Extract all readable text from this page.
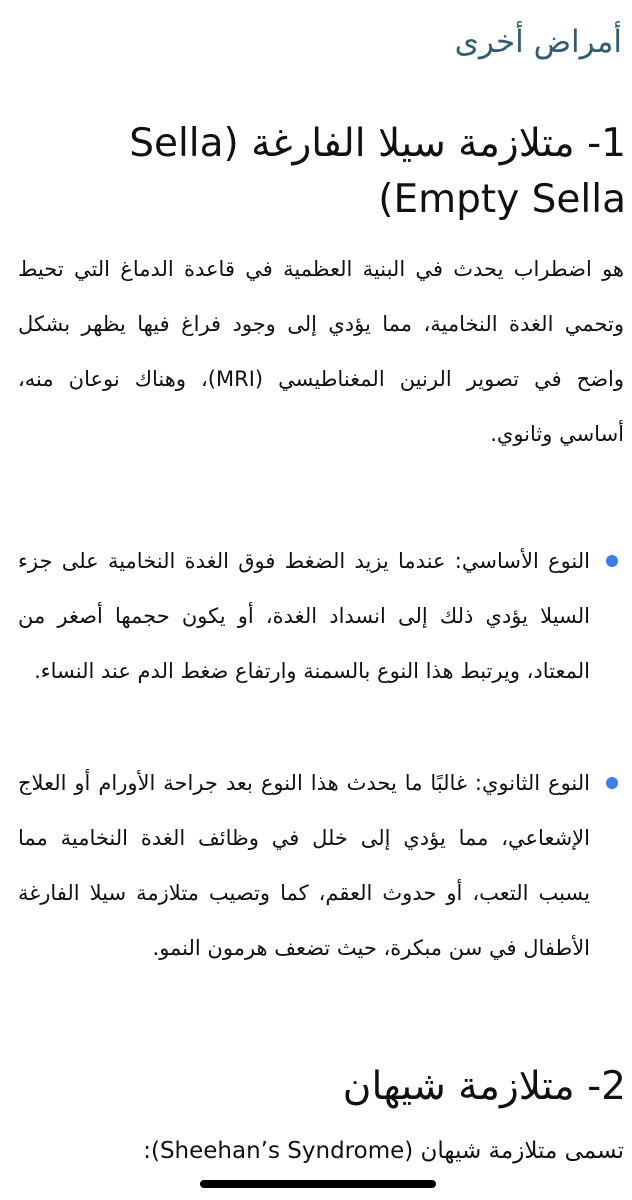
أمراض أخرى
1- متلازمة سيلا الفارغة (Sella Empty Sella)
هو اضطراب يحدث في البنية العظمية في قاعدة الدماغ التي تحيط وتحمي الغدة النخامية، مما يؤدي إلى وجود فراغ فيها يظهر بشكل واضح في تصوير الرنين المغناطيسي (MRI)، وهناك نوعان منه، أساسي وثانوي.
النوع الأساسي: عندما يزيد الضغط فوق الغدة النخامية على جزء السيلا يؤدي ذلك إلى انسداد الغدة، أو يكون حجمها أصغر من المعتاد، ويرتبط هذا النوع بالسمنة وارتفاع ضغط الدم عند النساء.
النوع الثانوي: غالبًا ما يحدث هذا النوع بعد جراحة الأورام أو العلاج الإشعاعي، مما يؤدي إلى خلل في وظائف الغدة النخامية مما يسبب التعب، أو حدوث العقم، كما وتصيب متلازمة سيلا الفارغة الأطفال في سن مبكرة، حيث تضعف هرمون النمو.
2- متلازمة شيهان
تسمى متلازمة شيهان (Sheehan’s Syndrome):
